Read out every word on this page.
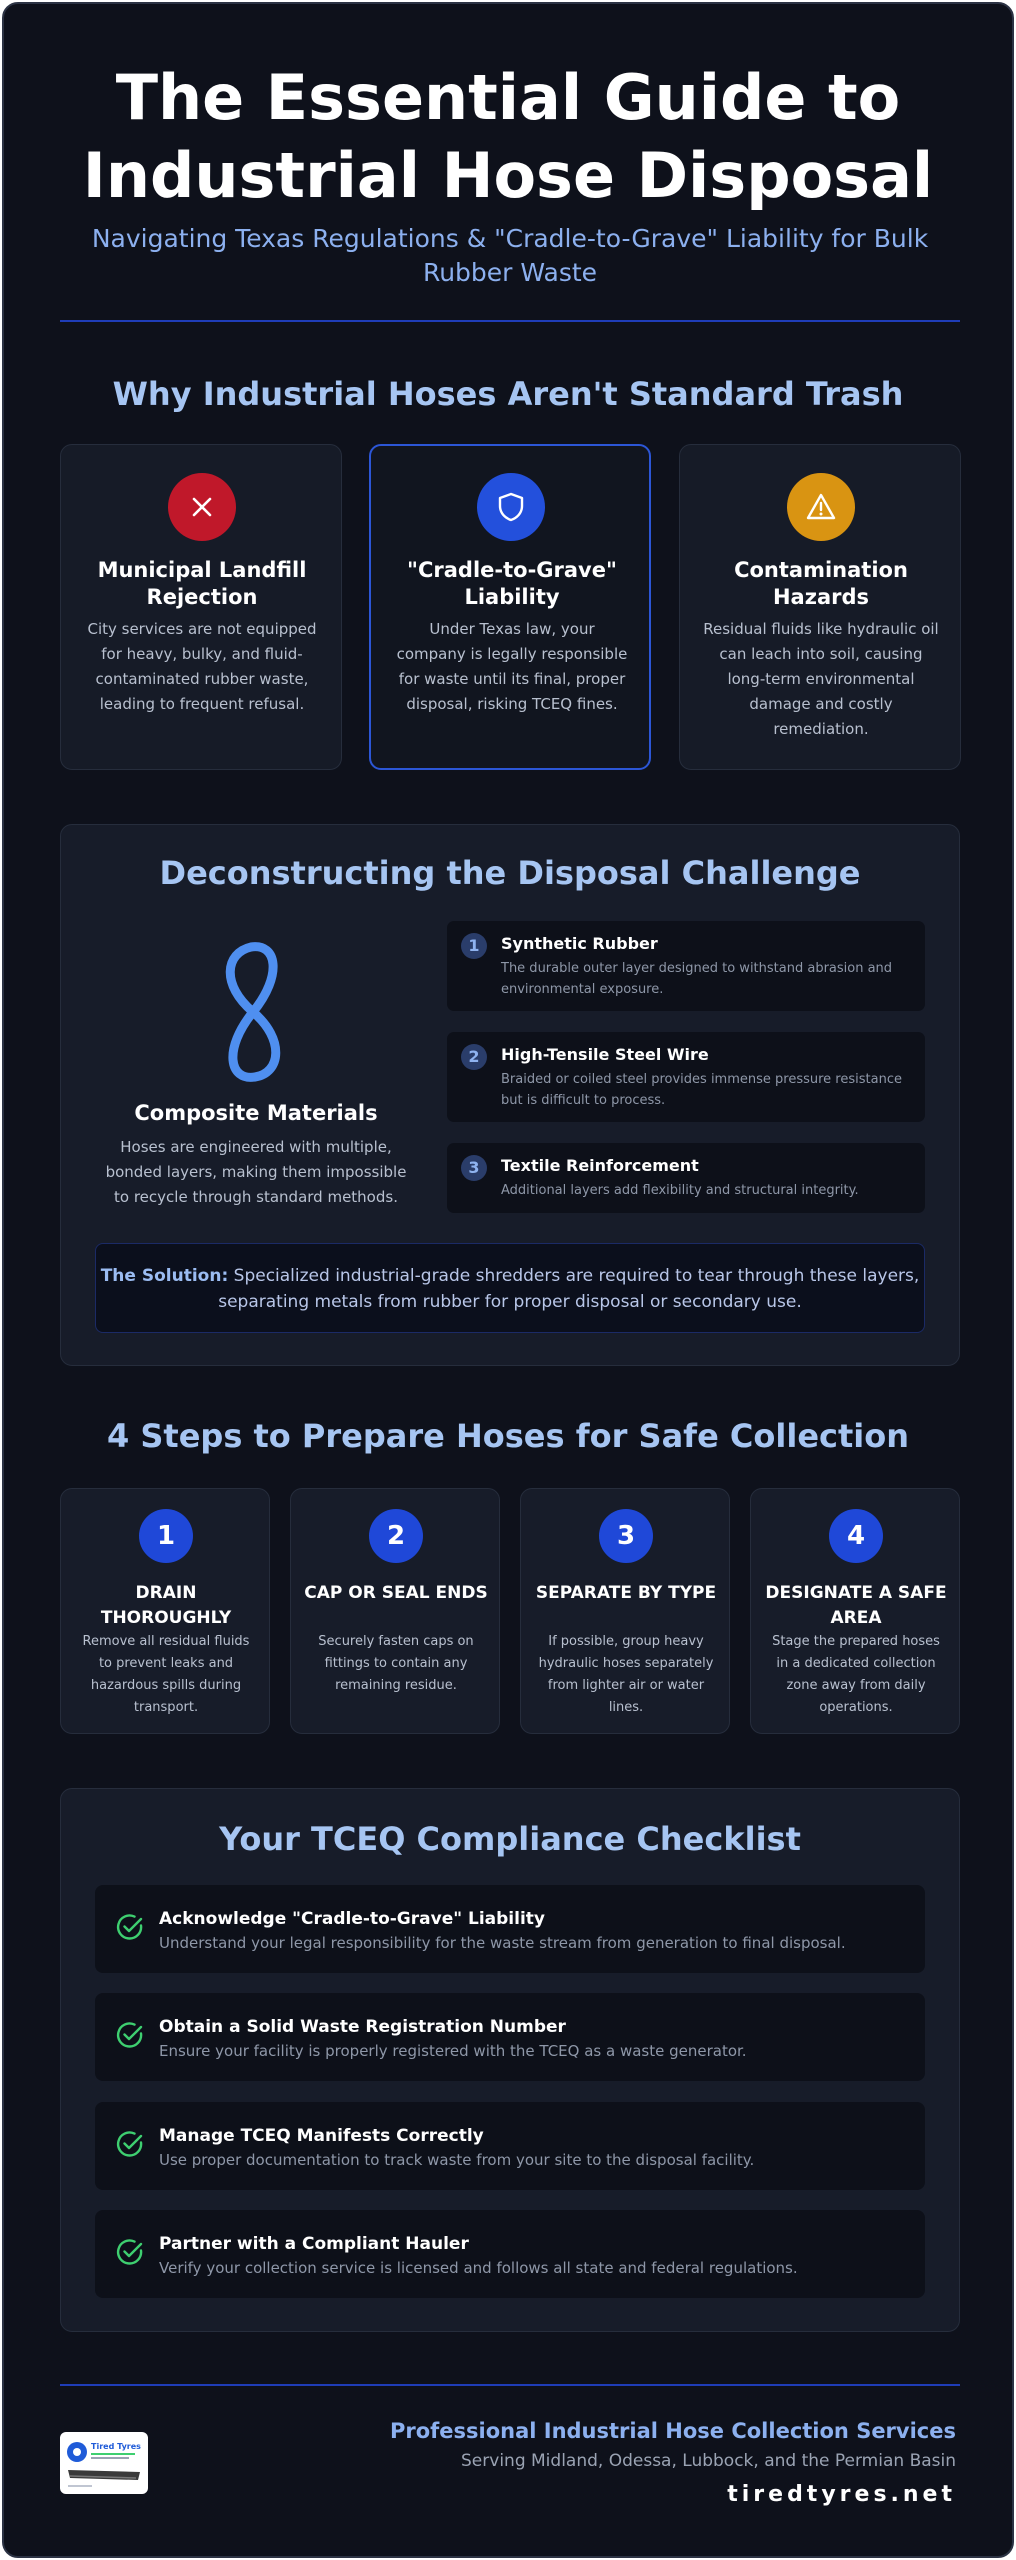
The Essential Guide to
Industrial Hose Disposal
Navigating Texas Regulations & "Cradle-to-Grave" Liability for Bulk Rubber Waste
Why Industrial Hoses Aren't Standard Trash
Municipal Landfill Rejection
City services are not equipped for heavy, bulky, and fluid-contaminated rubber waste, leading to frequent refusal.
"Cradle-to-Grave" Liability
Under Texas law, your company is legally responsible for waste until its final, proper disposal, risking TCEQ fines.
Contamination Hazards
Residual fluids like hydraulic oil can leach into soil, causing long-term environmental damage and costly remediation.
Deconstructing the Disposal Challenge
Composite Materials
Hoses are engineered with multiple, bonded layers, making them impossible to recycle through standard methods.
1	Synthetic Rubber
The durable outer layer designed to withstand abrasion and environmental exposure.
2	High-Tensile Steel Wire
Braided or coiled steel provides immense pressure resistance but is difficult to process.
3	Textile Reinforcement
Additional layers add flexibility and structural integrity.
The Solution: Specialized industrial-grade shredders are required to tear through these layers, separating metals from rubber for proper disposal or secondary use.
4 Steps to Prepare Hoses for Safe Collection
1
DRAIN THOROUGHLY
Remove all residual fluids to prevent leaks and hazardous spills during transport.
2
CAP OR SEAL ENDS
Securely fasten caps on fittings to contain any remaining residue.
3
SEPARATE BY TYPE
If possible, group heavy hydraulic hoses separately from lighter air or water lines.
4
DESIGNATE A SAFE AREA
Stage the prepared hoses in a dedicated collection zone away from daily operations.
Your TCEQ Compliance Checklist
Acknowledge "Cradle-to-Grave" Liability
Understand your legal responsibility for the waste stream from generation to final disposal.
Obtain a Solid Waste Registration Number
Ensure your facility is properly registered with the TCEQ as a waste generator.
Manage TCEQ Manifests Correctly
Use proper documentation to track waste from your site to the disposal facility.
Partner with a Compliant Hauler
Verify your collection service is licensed and follows all state and federal regulations.
Tired Tyres
Professional Industrial Hose Collection Services
Serving Midland, Odessa, Lubbock, and the Permian Basin
tiredtyres.net
